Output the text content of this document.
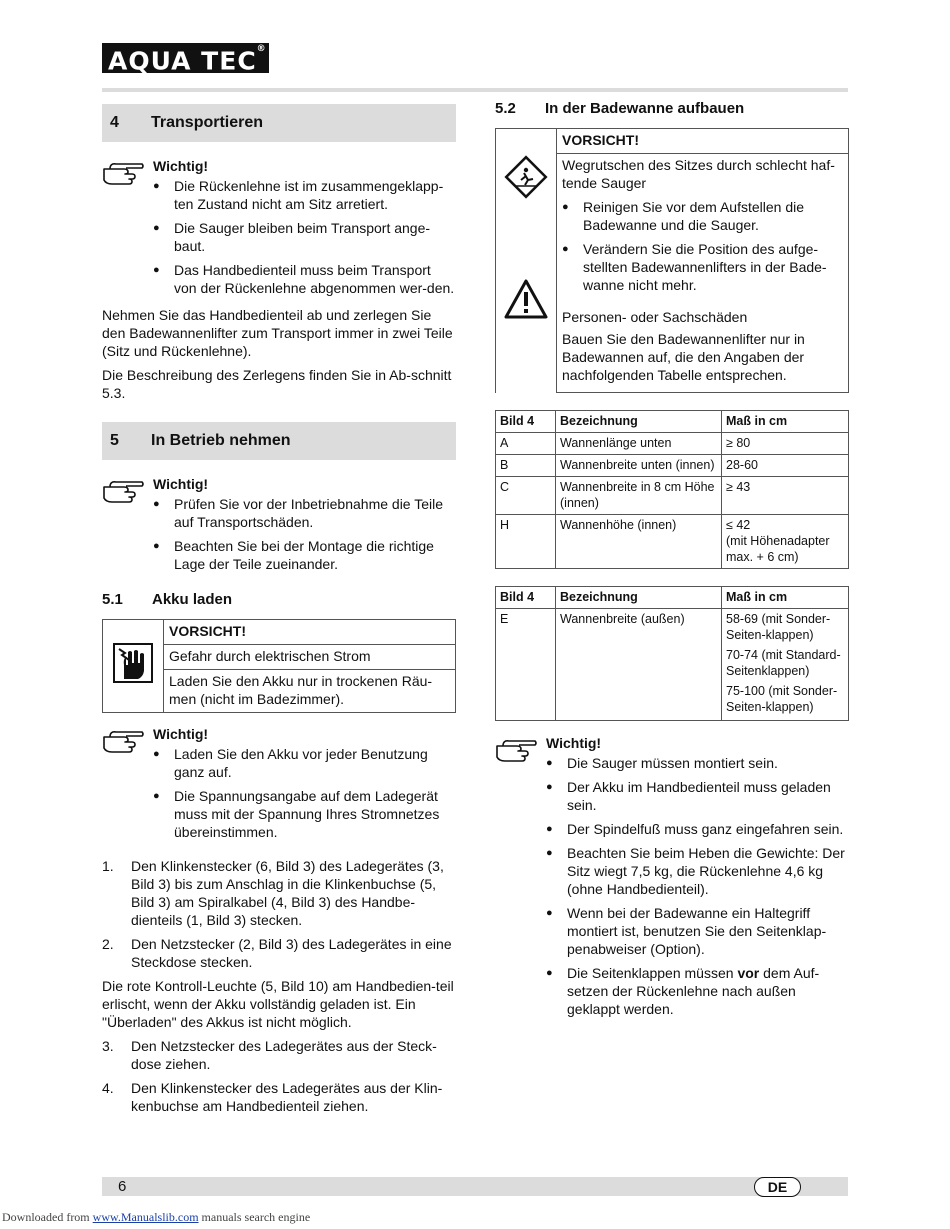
AQUA TEC®
4	Transportieren
Wichtig!
● Die Rückenlehne ist im zusammengeklapp-ten Zustand nicht am Sitz arretiert.
● Die Sauger bleiben beim Transport ange-baut.
● Das Handbedienteil muss beim Transport von der Rückenlehne abgenommen wer-den.

Nehmen Sie das Handbedienteil ab und zerlegen Sie den Badewannenlifter zum Transport immer in zwei Teile (Sitz und Rückenlehne).

Die Beschreibung des Zerlegens finden Sie in Ab-schnitt 5.3.

5	In Betrieb nehmen
Wichtig!
● Prüfen Sie vor der Inbetriebnahme die Teile auf Transportschäden.
● Beachten Sie bei der Montage die richtige Lage der Teile zueinander.
5.1	Akku laden
	VORSICHT!
Gefahr durch elektrischen Strom
Laden Sie den Akku nur in trockenen Räu-men (nicht im Badezimmer).
Wichtig!
● Laden Sie den Akku vor jeder Benutzung ganz auf.
● Die Spannungsangabe auf dem Ladegerät muss mit der Spannung Ihres Stromnetzes übereinstimmen.
1. Den Klinkenstecker (6, Bild 3) des Ladegerätes (3, Bild 3) bis zum Anschlag in die Klinkenbuchse (5, Bild 3) am Spiralkabel (4, Bild 3) des Handbe-dienteils (1, Bild 3) stecken.
2. Den Netzstecker (2, Bild 3) des Ladegerätes in eine Steckdose stecken.

Die rote Kontroll-Leuchte (5, Bild 10) am Handbedien-teil erlischt, wenn der Akku vollständig geladen ist. Ein "Überladen" des Akkus ist nicht möglich.

3. Den Netzstecker des Ladegerätes aus der Steck-dose ziehen.
4. Den Klinkenstecker des Ladegerätes aus der Klin-kenbuchse am Handbedienteil ziehen.
5.2	In der Badewanne aufbauen
	VORSICHT!

Wegrutschen des Sitzes durch schlecht haf-tende Sauger
● Reinigen Sie vor dem Aufstellen die Badewanne und die Sauger.
● Verändern Sie die Position des aufge-stellten Badewannenlifters in der Bade-wanne nicht mehr.
Personen- oder Sachschäden
Bauen Sie den Badewannenlifter nur in Badewannen auf, die den Angaben der nachfolgenden Tabelle entsprechen.
Bild 4	Bezeichnung	Maß in cm
A	Wannenlänge unten	≥ 80
B	Wannenbreite unten (innen)	28-60
C	Wannenbreite in 8 cm Höhe (innen)	≥ 43
H	Wannenhöhe (innen)	≤ 42
(mit Höhenadapter max. + 6 cm)
Bild 4	Bezeichnung	Maß in cm
E	Wannenbreite (außen)	58-69 (mit Sonder-Seiten-klappen)
70-74 (mit Standard-Seitenklappen)
75-100 (mit Sonder-Seiten-klappen)
Wichtig!
● Die Sauger müssen montiert sein.
● Der Akku im Handbedienteil muss geladen sein.
● Der Spindelfuß muss ganz eingefahren sein.
● Beachten Sie beim Heben die Gewichte: Der Sitz wiegt 7,5 kg, die Rückenlehne 4,6 kg (ohne Handbedienteil).
● Wenn bei der Badewanne ein Haltegriff montiert ist, benutzen Sie den Seitenklap-penabweiser (Option).
● Die Seitenklappen müssen vor dem Auf-setzen der Rückenlehne nach außen geklappt werden.
6	DE
Downloaded from www.Manualslib.com manuals search engine
